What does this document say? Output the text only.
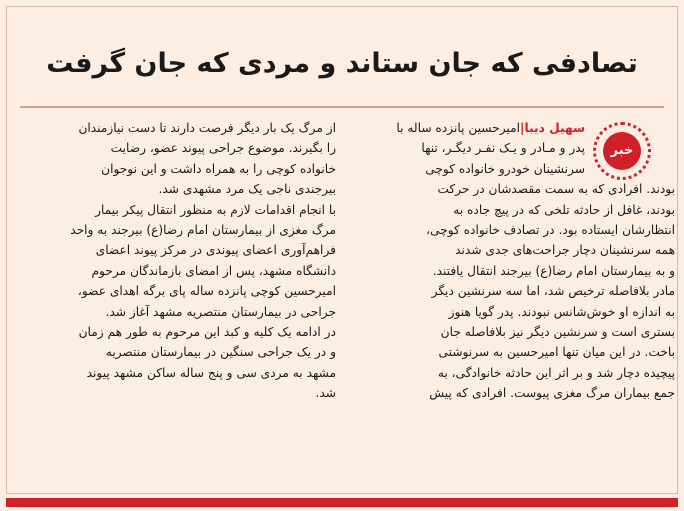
تصادفی که جان ستاند و مردی که جان گرفت
خبر
سهیل دیبا|امیرحسین پانزده ساله با
پدر و مـادر و یـک نفـر دیگـر، تنها
سرنشینان خودرو خانواده کوچی
بودند. افرادی که به سمت مقصدشان در حرکت
بودند، غافل از حادثه تلخی که در پیچ جاده به
انتظارشان ایستاده بود. در تصادف خانواده کوچی،
همه سرنشینان دچار جراحت‌های جدی شدند
و به بیمارستان امام رضا(ع) بیرجند انتقال یافتند.
مادر بلافاصله ترخیص شد، اما سه سرنشین دیگر
به اندازه او خوش‌شانس نبودند. پدر گویا هنوز
بستری است و سرنشین دیگر نیز بلافاصله جان
باخت. در این میان تنها امیرحسین به سرنوشتی
پیچیده دچار شد و بر اثر این حادثه خانوادگی، به
جمع بیماران مرگ مغزی پیوست. افرادی که پیش
از مرگ یک بار دیگر فرصت دارند تا دست نیازمندان
را بگیرند. موضوع جراحی پیوند عضو، رضایت
خانواده کوچی را به همراه داشت و این نوجوان
بیرجندی ناجی یک مرد مشهدی شد.
با انجام اقدامات لازم به منظور انتقال پیکر بیمار
مرگ مغزی از بیمارستان امام رضا(ع) بیرجند به واحد
فراهم‌آوری اعضای پیوندی در مرکز پیوند اعضای
دانشگاه مشهد، پس از امضای بازماندگان مرحوم
امیرحسین کوچی پانزده ساله پای برگه اهدای عضو،
جراحی در بیمارستان منتصریه مشهد آغاز شد.
در ادامه یک کلیه و کبد این مرحوم به طور هم زمان
و در یک جراحی سنگین در بیمارستان منتصریه
مشهد به مردی سی و پنج ساله ساکن مشهد پیوند
شد.
